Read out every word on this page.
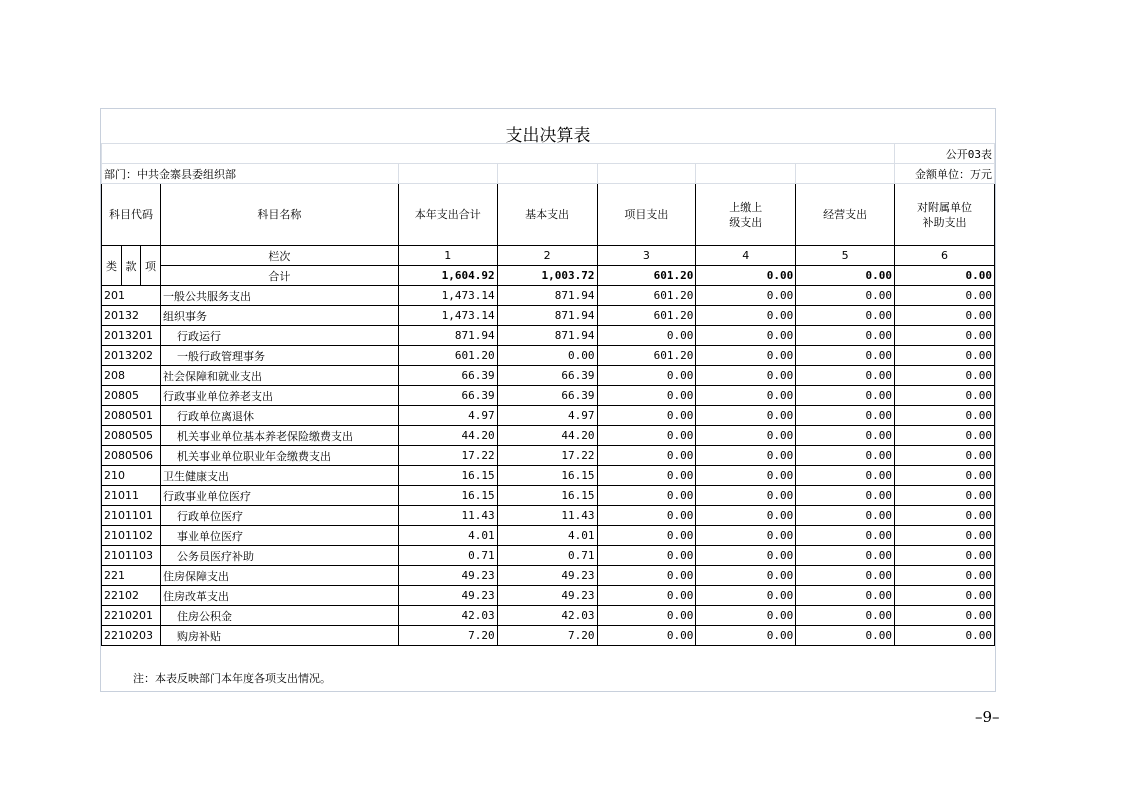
支出决算表
									公开03表
部门：中共金寨县委组织部									金额单位：万元
科目代码			科目名称	本年支出合计	基本支出	项目支出	上缴上级支出	经营支出	对附属单位补助支出
类	款	项	栏次	1	2	3	4	5	6
			合计	1,604.92	1,003.72	601.20	0.00	0.00	0.00
201			一般公共服务支出	1,473.14	871.94	601.20	0.00	0.00	0.00
20132			组织事务	1,473.14	871.94	601.20	0.00	0.00	0.00
2013201			行政运行	871.94	871.94	0.00	0.00	0.00	0.00
2013202			一般行政管理事务	601.20	0.00	601.20	0.00	0.00	0.00
208			社会保障和就业支出	66.39	66.39	0.00	0.00	0.00	0.00
20805			行政事业单位养老支出	66.39	66.39	0.00	0.00	0.00	0.00
2080501			行政单位离退休	4.97	4.97	0.00	0.00	0.00	0.00
2080505			机关事业单位基本养老保险缴费支出	44.20	44.20	0.00	0.00	0.00	0.00
2080506			机关事业单位职业年金缴费支出	17.22	17.22	0.00	0.00	0.00	0.00
210			卫生健康支出	16.15	16.15	0.00	0.00	0.00	0.00
21011			行政事业单位医疗	16.15	16.15	0.00	0.00	0.00	0.00
2101101			行政单位医疗	11.43	11.43	0.00	0.00	0.00	0.00
2101102			事业单位医疗	4.01	4.01	0.00	0.00	0.00	0.00
2101103			公务员医疗补助	0.71	0.71	0.00	0.00	0.00	0.00
221			住房保障支出	49.23	49.23	0.00	0.00	0.00	0.00
22102			住房改革支出	49.23	49.23	0.00	0.00	0.00	0.00
2210201			住房公积金	42.03	42.03	0.00	0.00	0.00	0.00
2210203			购房补贴	7.20	7.20	0.00	0.00	0.00	0.00
注：本表反映部门本年度各项支出情况。
–9–
